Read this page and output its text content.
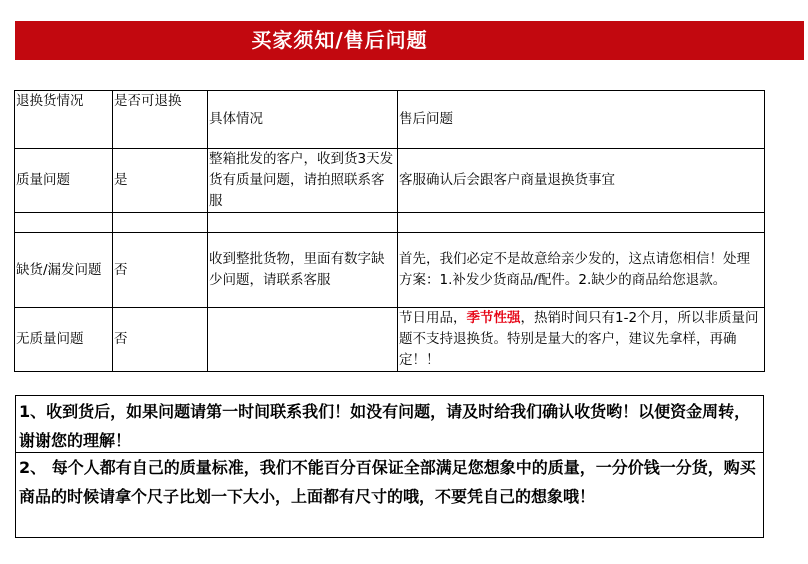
买家须知/售后问题
退换货情况	是否可退换	具体情况	售后问题
质量问题	是	整箱批发的客户，收到货3天发货有质量问题，请拍照联系客服	客服确认后会跟客户商量退换货事宜

缺货/漏发问题	否	收到整批货物，里面有数字缺少问题，请联系客服	首先，我们必定不是故意给亲少发的，这点请您相信！处理方案：1.补发少货商品/配件。2.缺少的商品给您退款。
无质量问题	否		节日用品，季节性强，热销时间只有1-2个月，所以非质量问题不支持退换货。特别是量大的客户，建议先拿样，再确定！！
1、收到货后，如果问题请第一时间联系我们！如没有问题，请及时给我们确认收货哟！以便资金周转，谢谢您的理解！
2、 每个人都有自己的质量标准，我们不能百分百保证全部满足您想象中的质量，一分价钱一分货，购买商品的时候请拿个尺子比划一下大小，上面都有尺寸的哦，不要凭自己的想象哦！
